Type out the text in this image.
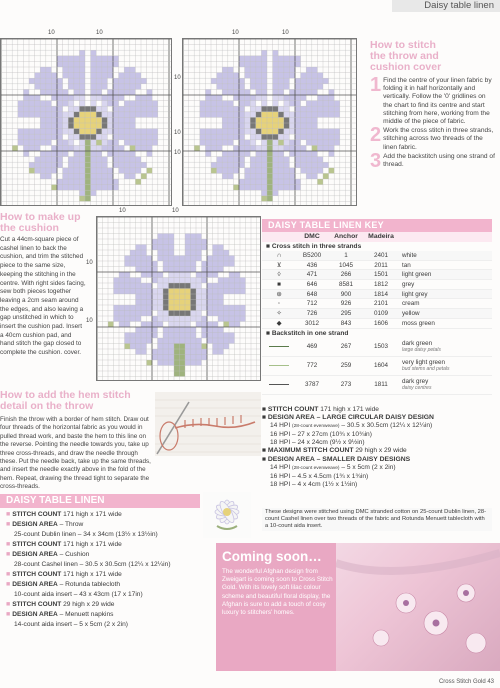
Daisy table linen
10	10
10
10
10	10
10
10	10
10
10
How to stitch
the throw and
cushion cover
1 Find the centre of your linen fabric by folding it in half horizontally and vertically. Follow the '0' gridlines on the chart to find its centre and start stitching from here, working from the middle of the piece of fabric.
2 Work the cross stitch in three strands, stitching across two threads of the linen fabric.
3 Add the backstitch using one strand of thread.
How to make up
the cushion
Cut a 44cm-square piece of cashel linen to back the cushion, and trim the stitched piece to the same size, keeping the stitching in the centre. With right sides facing, sew both pieces together leaving a 2cm seam around the edges, and also leaving a gap unstitched in which to insert the cushion pad. Insert a 40cm cushion pad, and hand stitch the gap closed to complete the cushion. cover.
How to add the hem stitch
detail on the throw
Finish the throw with a border of hem stitch. Draw out four threads of the horizontal fabric as you would in pulled thread work, and baste the hem to this line on the reverse. Pointing the needle towards you, take up three cross-threads, and draw the needle through these. Put the needle back, take up the same threads, and insert the needle exactly above in the fold of the hem. Repeat, drawing the thread tight to separate the cross-threads.
DAISY TABLE LINEN KEY
DMC	Anchor	Madeira
■ Cross stitch in three strands
∩	B5200	1	2401	white
⊻	436	1045	2011	tan
◊	471	266	1501	light green
■	646	8581	1812	grey
⊛	648	900	1814	light grey
◦	712	926	2101	cream
✧	726	295	0109	yellow
◆	3012	843	1606	moss green
■ Backstitch in one strand
469	267	1503	dark green
large daisy petals
772	259	1604	very light green
bud stems and petals
3787	273	1811	dark grey
daisy centres
■ STITCH COUNT 171 high x 171 wide
■ DESIGN AREA – LARGE CIRCULAR DAISY DESIGN
14 HPI (28-count evenweave) – 30.5 x 30.5cm (12¼ x 12¼in)
16 HPI – 27 x 27cm (10¾ x 10¾in)
18 HPI – 24 x 24cm (9½ x 9½in)
■ MAXIMUM STITCH COUNT 29 high x 29 wide
■ DESIGN AREA – SMALLER DAISY DESIGNS
14 HPI (28-count evenweave) – 5 x 5cm (2 x 2in)
16 HPI – 4.5 x 4.5cm (1¾ x 1¾in)
18 HPI – 4 x 4cm (1½ x 1½in)
These designs were stitched using DMC stranded cotton on 25-count Dublin linen, 28-count Cashel linen over two threads of the fabric and Rotunda Menuett tablecloth with a 10-count aida insert.
Coming soon…
The wonderful Afghan design from Zweigart is coming soon to Cross Stitch Gold. With its lovely soft lilac colour scheme and beautiful floral display, the Afghan is sure to add a touch of cosy luxury to stitchers' homes.
DAISY TABLE LINEN
■ STITCH COUNT 171 high x 171 wide
■ DESIGN AREA – Throw
25-count Dublin linen – 34 x 34cm (13½ x 13½in)
■ STITCH COUNT 171 high x 171 wide
■ DESIGN AREA – Cushion
28-count Cashel linen – 30.5 x 30.5cm (12¼ x 12¼in)
■ STITCH COUNT 171 high x 171 wide
■ DESIGN AREA – Rotunda tablecloth
10-count aida insert – 43 x 43cm (17 x 17in)
■ STITCH COUNT 29 high x 29 wide
■ DESIGN AREA – Menuett napkins
14-count aida insert – 5 x 5cm (2 x 2in)
Cross Stitch Gold 43
